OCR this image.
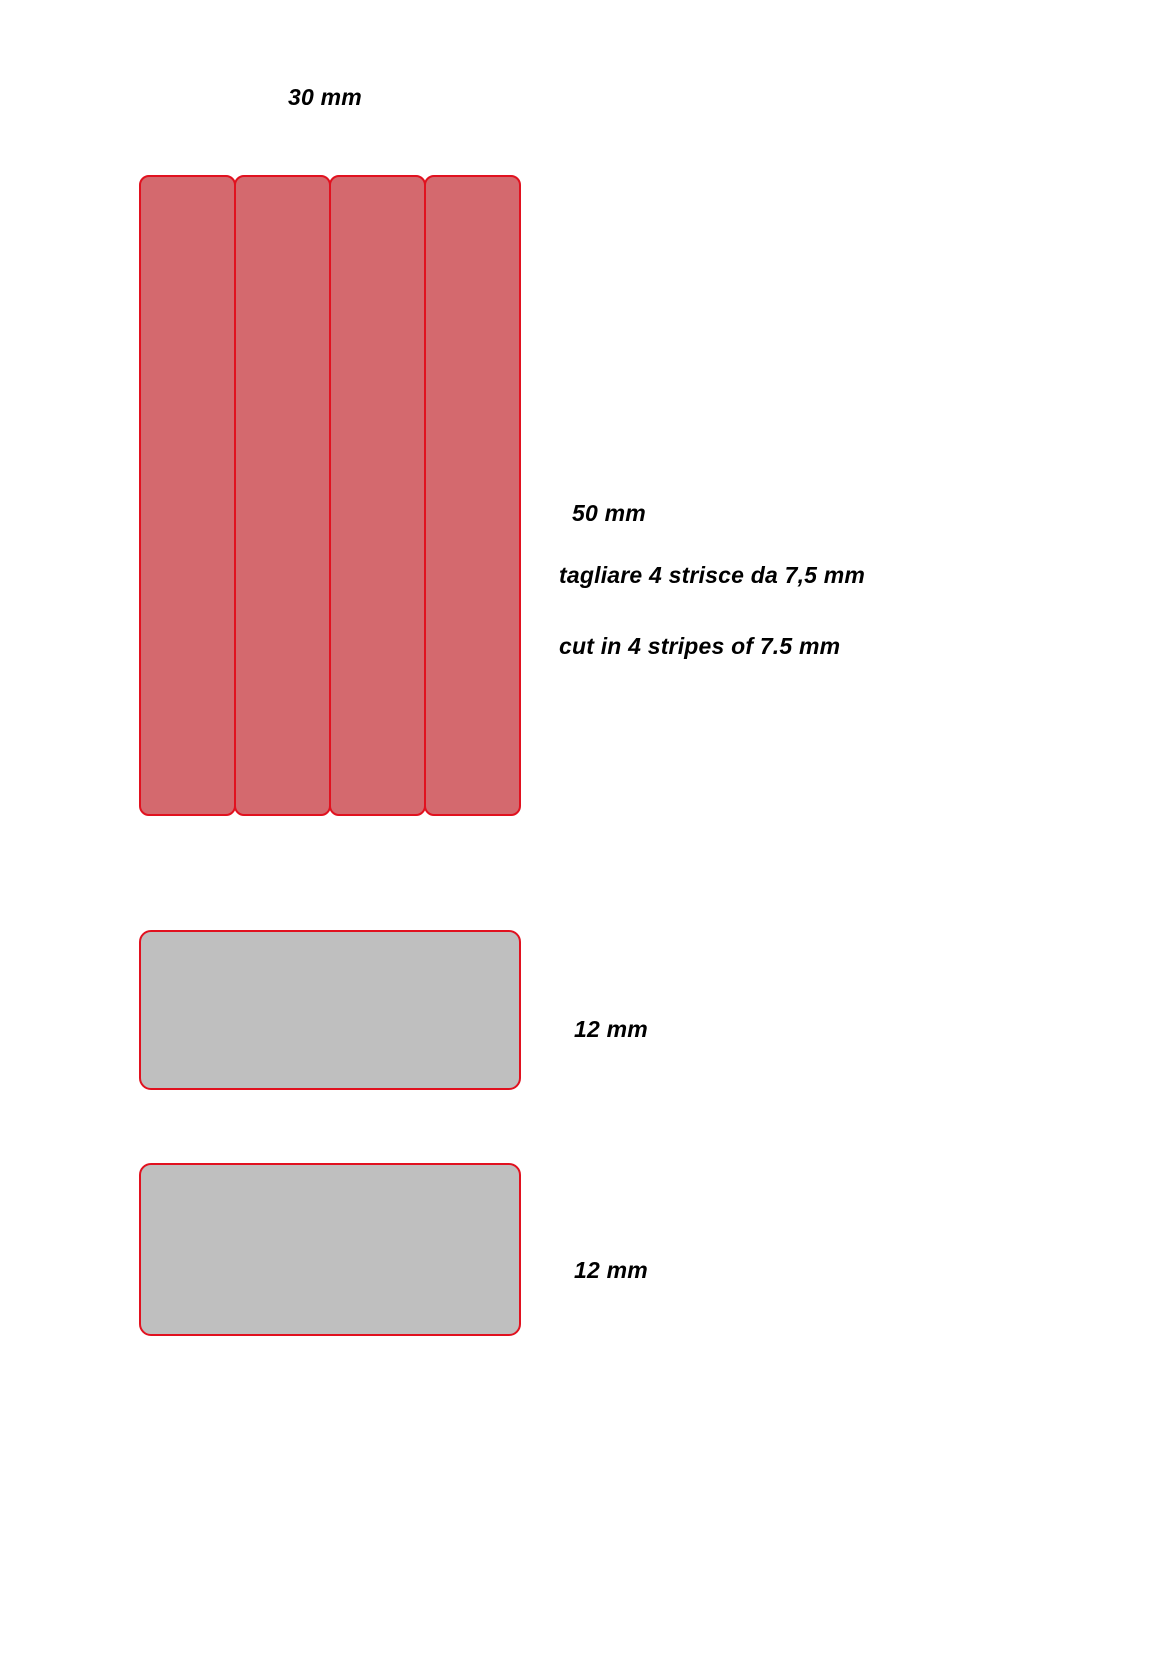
30 mm
50 mm
tagliare 4 strisce da 7,5 mm
cut in 4 stripes of 7.5 mm
12 mm
12 mm
